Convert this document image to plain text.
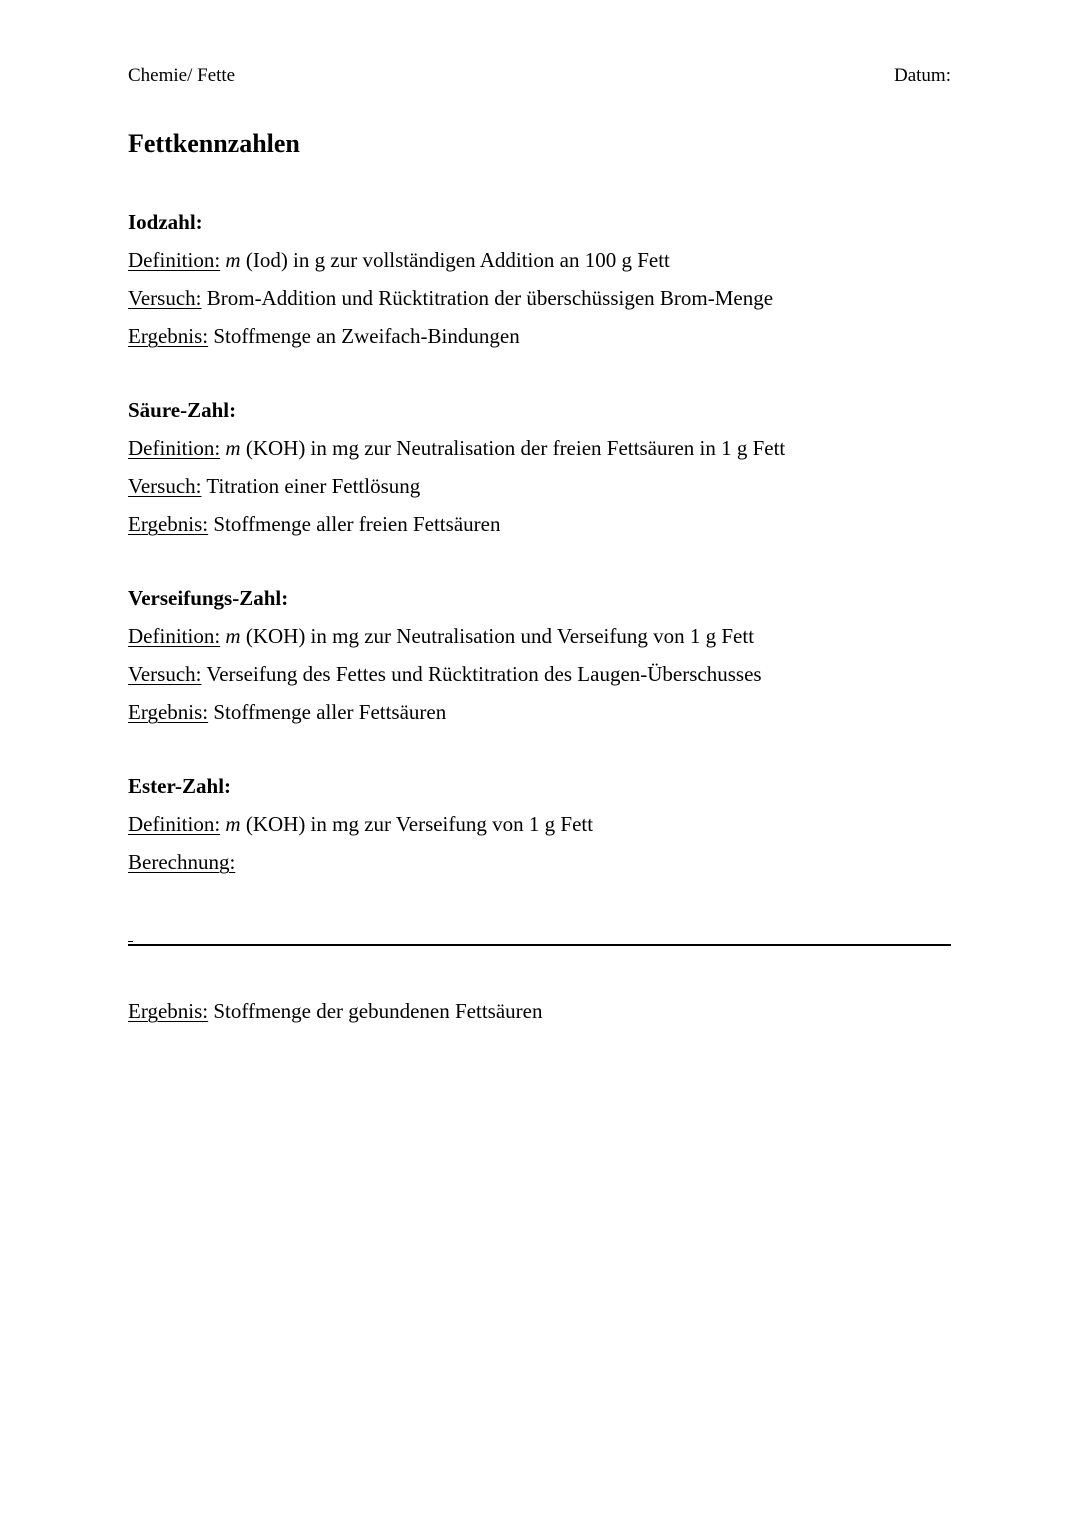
Chemie/ Fette	Datum:
Fettkennzahlen
Iodzahl:
Definition: m (Iod) in g zur vollständigen Addition an 100 g Fett
Versuch: Brom-Addition und Rücktitration der überschüssigen Brom-Menge
Ergebnis: Stoffmenge an Zweifach-Bindungen
Säure-Zahl:
Definition: m (KOH) in mg zur Neutralisation der freien Fettsäuren in 1 g Fett
Versuch: Titration einer Fettlösung
Ergebnis: Stoffmenge aller freien Fettsäuren
Verseifungs-Zahl:
Definition: m (KOH) in mg zur Neutralisation und Verseifung von 1 g Fett
Versuch: Verseifung des Fettes und Rücktitration des Laugen-Überschusses
Ergebnis: Stoffmenge aller Fettsäuren
Ester-Zahl:
Definition: m (KOH) in mg zur Verseifung von 1 g Fett
Berechnung:
Ergebnis: Stoffmenge der gebundenen Fettsäuren
